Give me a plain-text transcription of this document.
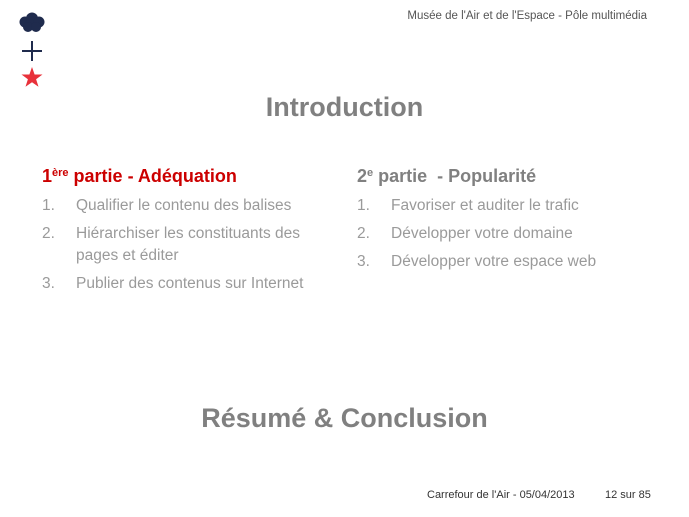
Musée de l'Air et de l'Espace - Pôle multimédia
Introduction
1ère partie - Adéquation
1.	Qualifier le contenu des balises
2.	Hiérarchiser les constituants des pages et éditer
3.	Publier des contenus sur Internet
2e partie  - Popularité
1.	Favoriser et auditer le trafic
2.	Développer votre domaine
3.	Développer votre espace web
Résumé & Conclusion
Carrefour de l'Air - 05/04/2013	12 sur 85
